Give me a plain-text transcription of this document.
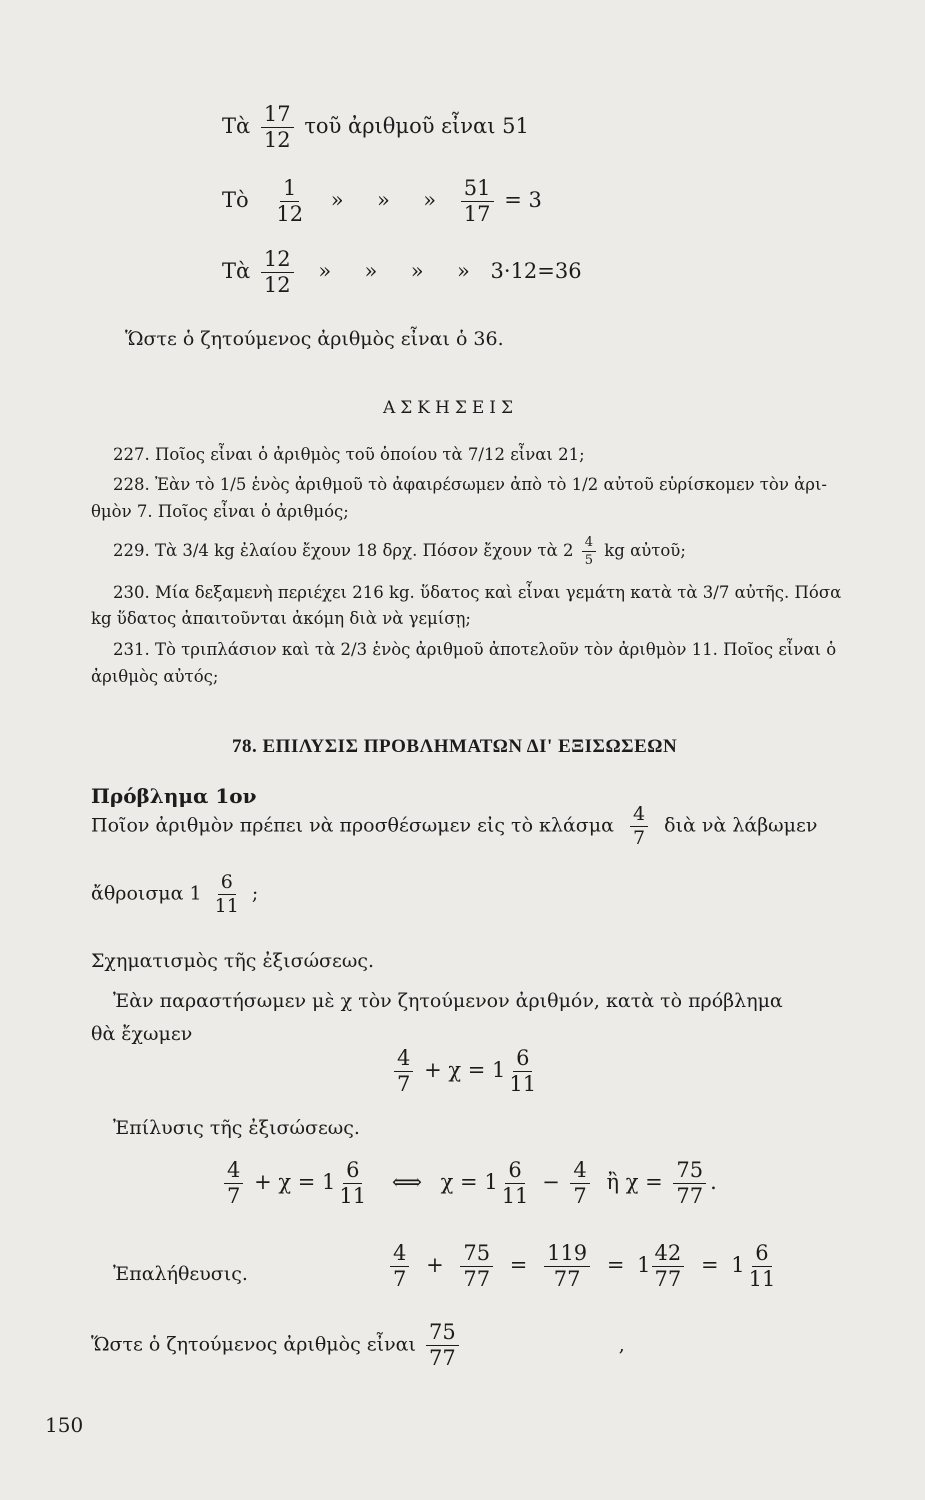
Τὰ $\frac{17}{12}$ τοῦ ἀριθμοῦ εἶναι 51
Τὸ $\frac{1}{12}$ »     »     » $\frac{51}{17} = 3$
Τὰ $\frac{12}{12}$ »     »     »     » 3·12=36
Ὥστε ὁ ζητούμενος ἀριθμὸς εἶναι ὁ 36.
ΑΣΚΗΣΕΙΣ
227. Ποῖος εἶναι ὁ ἀριθμὸς τοῦ ὁποίου τὰ 7/12 εἶναι 21;
228. Ἐὰν τὸ 1/5 ἑνὸς ἀριθμοῦ τὸ ἀφαιρέσωμεν ἀπὸ τὸ 1/2 αὐτοῦ εὑρίσκομεν τὸν ἀρι-
θμὸν 7. Ποῖος εἶναι ὁ ἀριθμός;
229. Τὰ 3/4 kg ἐλαίου ἔχουν 18 δρχ. Πόσον ἔχουν τὰ $2 \frac{4}{5}$ kg αὐτοῦ;
230. Μία δεξαμενὴ περιέχει 216 kg. ὕδατος καὶ εἶναι γεμάτη κατὰ τὰ 3/7 αὐτῆς. Πόσα
kg ὕδατος ἀπαιτοῦνται ἀκόμη διὰ νὰ γεμίσῃ;
231. Τὸ τριπλάσιον καὶ τὰ 2/3 ἑνὸς ἀριθμοῦ ἀποτελοῦν τὸν ἀριθμὸν 11. Ποῖος εἶναι ὁ
ἀριθμὸς αὐτός;
78. ΕΠΙΛΥΣΙΣ ΠΡΟΒΛΗΜΑΤΩΝ ΔΙ' ΕΞΙΣΩΣΕΩΝ
Πρόβλημα 1ον
Ποῖον ἀριθμὸν πρέπει νὰ προσθέσωμεν εἰς τὸ κλάσμα $\frac{4}{7}$ διὰ νὰ λάβωμεν
ἄθροισμα $1 \frac{6}{11}$ ;
Σχηματισμὸς τῆς ἐξισώσεως.
Ἐὰν παραστήσωμεν μὲ χ τὸν ζητούμενον ἀριθμόν, κατὰ τὸ πρόβλημα
θὰ ἔχωμεν
$\frac{4}{7} + \chi = 1 \frac{6}{11}$
Ἐπίλυσις τῆς ἐξισώσεως.
$\frac{4}{7} + \chi = 1 \frac{6}{11}$ ⟺ $\chi = 1 \frac{6}{11} - \frac{4}{7}$ ἢ $\chi = \frac{75}{77}$ .
Ἐπαλήθευσις.	$\frac{4}{7} + \frac{75}{77} = \frac{119}{77} = 1 \frac{42}{77} = 1 \frac{6}{11}$
Ὥστε ὁ ζητούμενος ἀριθμὸς εἶναι $\frac{75}{77}$	,
150
